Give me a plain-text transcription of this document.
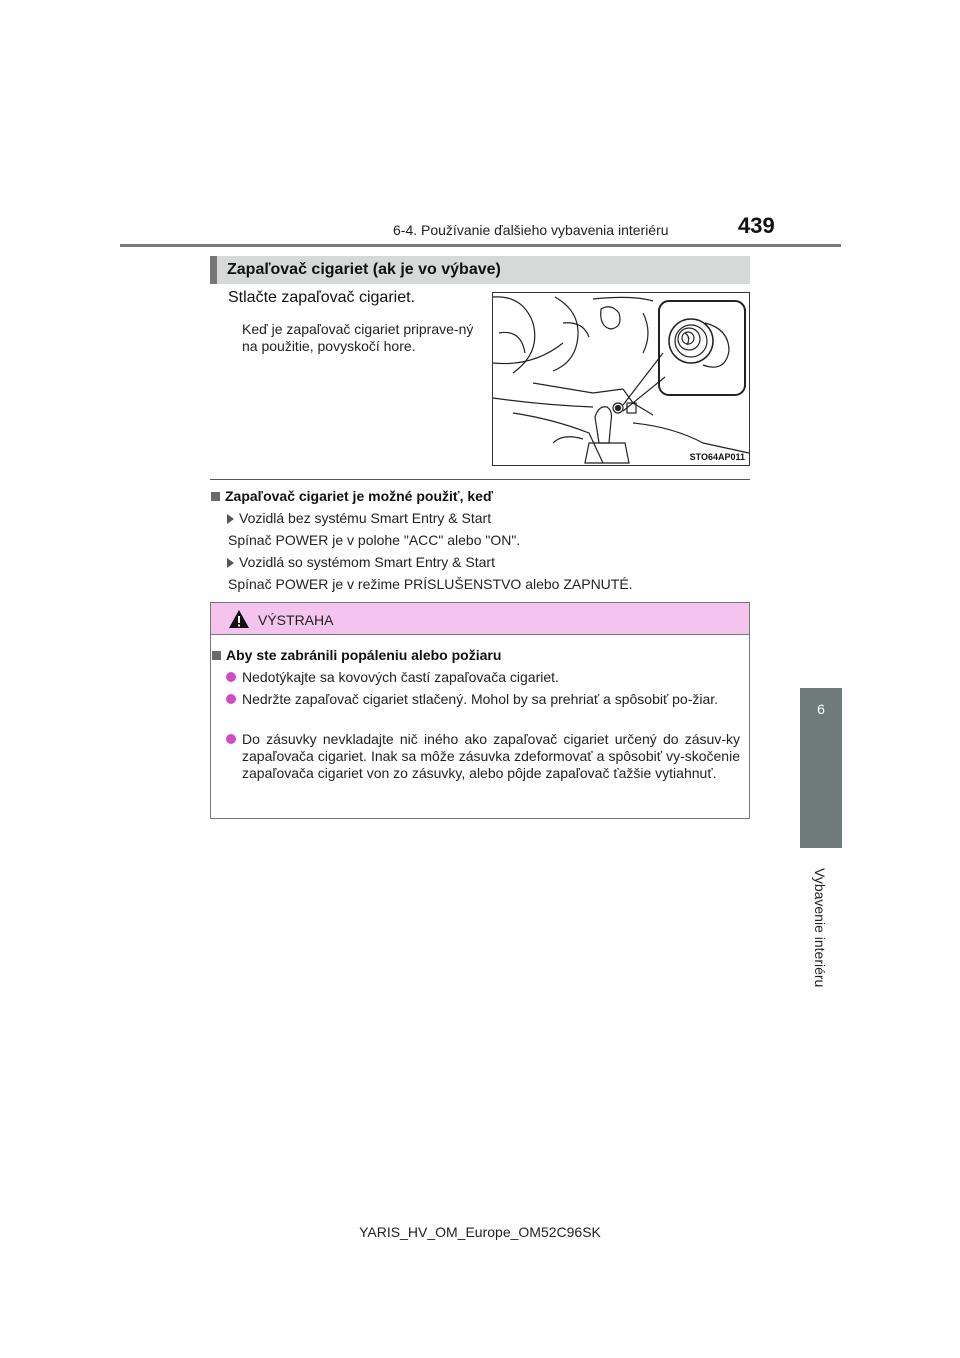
6-4. Používanie ďalšieho vybavenia interiéru	439
6
Vybavenie interiéru
Zapaľovač cigariet (ak je vo výbave)
Stlačte zapaľovač cigariet.
Keď je zapaľovač cigariet priprave-ný na použitie, povyskočí hore.
STO64AP011
Zapaľovač cigariet je možné použiť, keď
Vozidlá bez systému Smart Entry & Start
Spínač POWER je v polohe "ACC" alebo "ON".
Vozidlá so systémom Smart Entry & Start
Spínač POWER je v režime PRÍSLUŠENSTVO alebo ZAPNUTÉ.
VÝSTRAHA
Aby ste zabránili popáleniu alebo požiaru
Nedotýkajte sa kovových častí zapaľovača cigariet.
Nedržte zapaľovač cigariet stlačený. Mohol by sa prehriať a spôsobiť po-žiar.
Do zásuvky nevkladajte nič iného ako zapaľovač cigariet určený do zásuv-ky zapaľovača cigariet. Inak sa môže zásuvka zdeformovať a spôsobiť vy-skočenie zapaľovača cigariet von zo zásuvky, alebo pôjde zapaľovač ťažšie vytiahnuť.
YARIS_HV_OM_Europe_OM52C96SK
